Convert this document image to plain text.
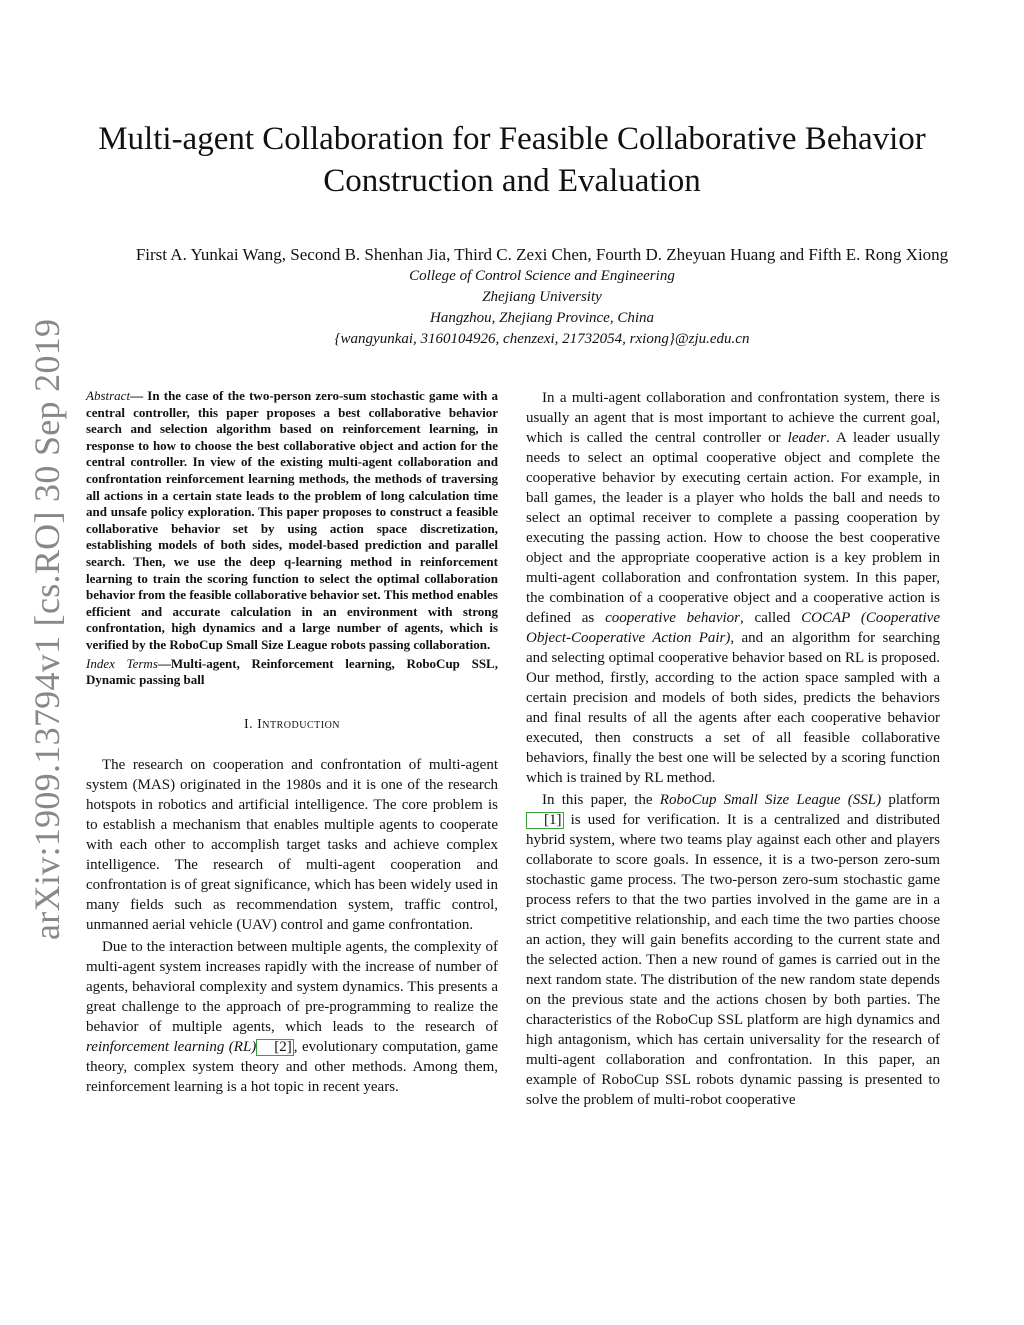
arXiv:1909.13794v1 [cs.RO] 30 Sep 2019
Multi-agent Collaboration for Feasible Collaborative Behavior
Construction and Evaluation
First A. Yunkai Wang, Second B. Shenhan Jia, Third C. Zexi Chen, Fourth D. Zheyuan Huang and Fifth E. Rong Xiong
College of Control Science and Engineering
Zhejiang University
Hangzhou, Zhejiang Province, China
{wangyunkai, 3160104926, chenzexi, 21732054, rxiong}@zju.edu.cn
Abstract— In the case of the two-person zero-sum stochastic game with a central controller, this paper proposes a best collaborative behavior search and selection algorithm based on reinforcement learning, in response to how to choose the best collaborative object and action for the central controller. In view of the existing multi-agent collaboration and confrontation reinforcement learning methods, the methods of traversing all actions in a certain state leads to the problem of long calculation time and unsafe policy exploration. This paper proposes to construct a feasible collaborative behavior set by using action space discretization, establishing models of both sides, model-based prediction and parallel search. Then, we use the deep q-learning method in reinforcement learning to train the scoring function to select the optimal collaboration behavior from the feasible collaborative behavior set. This method enables efficient and accurate calculation in an environment with strong confrontation, high dynamics and a large number of agents, which is verified by the RoboCup Small Size League robots passing collaboration.
Index Terms—Multi-agent, Reinforcement learning, RoboCup SSL, Dynamic passing ball
I. Introduction

The research on cooperation and confrontation of multi-agent system (MAS) originated in the 1980s and it is one of the research hotspots in robotics and artificial intelligence. The core problem is to establish a mechanism that enables multiple agents to cooperate with each other to accomplish target tasks and achieve complex intelligence. The research of multi-agent cooperation and confrontation is of great significance, which has been widely used in many fields such as recommendation system, traffic control, unmanned aerial vehicle (UAV) control and game confrontation.

Due to the interaction between multiple agents, the complexity of multi-agent system increases rapidly with the increase of number of agents, behavioral complexity and system dynamics. This presents a great challenge to the approach of pre-programming to realize the behavior of multiple agents, which leads to the research of reinforcement learning (RL) [2] , evolutionary computation, game theory, complex system theory and other methods. Among them, reinforcement learning is a hot topic in recent years.

In a multi-agent collaboration and confrontation system, there is usually an agent that is most important to achieve the current goal, which is called the central controller or leader. A leader usually needs to select an optimal cooperative object and complete the cooperative behavior by executing certain action. For example, in ball games, the leader is a player who holds the ball and needs to select an optimal receiver to complete a passing cooperation by executing the passing action. How to choose the best cooperative object and the appropriate cooperative action is a key problem in multi-agent collaboration and confrontation system. In this paper, the combination of a cooperative object and a cooperative action is defined as cooperative behavior, called COCAP (Cooperative Object-Cooperative Action Pair), and an algorithm for searching and selecting optimal cooperative behavior based on RL is proposed. Our method, firstly, according to the action space sampled with a certain precision and models of both sides, predicts the behaviors and final results of all the agents after each cooperative behavior executed, then constructs a set of all feasible collaborative behaviors, finally the best one will be selected by a scoring function which is trained by RL method.

In this paper, the RoboCup Small Size League (SSL) platform[1] is used for verification. It is a centralized and distributed hybrid system, where two teams play against each other and players collaborate to score goals. In essence, it is a two-person zero-sum stochastic game process. The two-person zero-sum stochastic game process refers to that the two parties involved in the game are in a strict competitive relationship, and each time the two parties choose an action, they will gain benefits according to the current state and the selected action. Then a new round of games is carried out in the next random state. The distribution of the new random state depends on the previous state and the actions chosen by both parties. The characteristics of the RoboCup SSL platform are high dynamics and high antagonism, which has certain universality for the research of multi-agent collaboration and confrontation. In this paper, an example of RoboCup SSL robots dynamic passing is presented to solve the problem of multi-robot cooperative
